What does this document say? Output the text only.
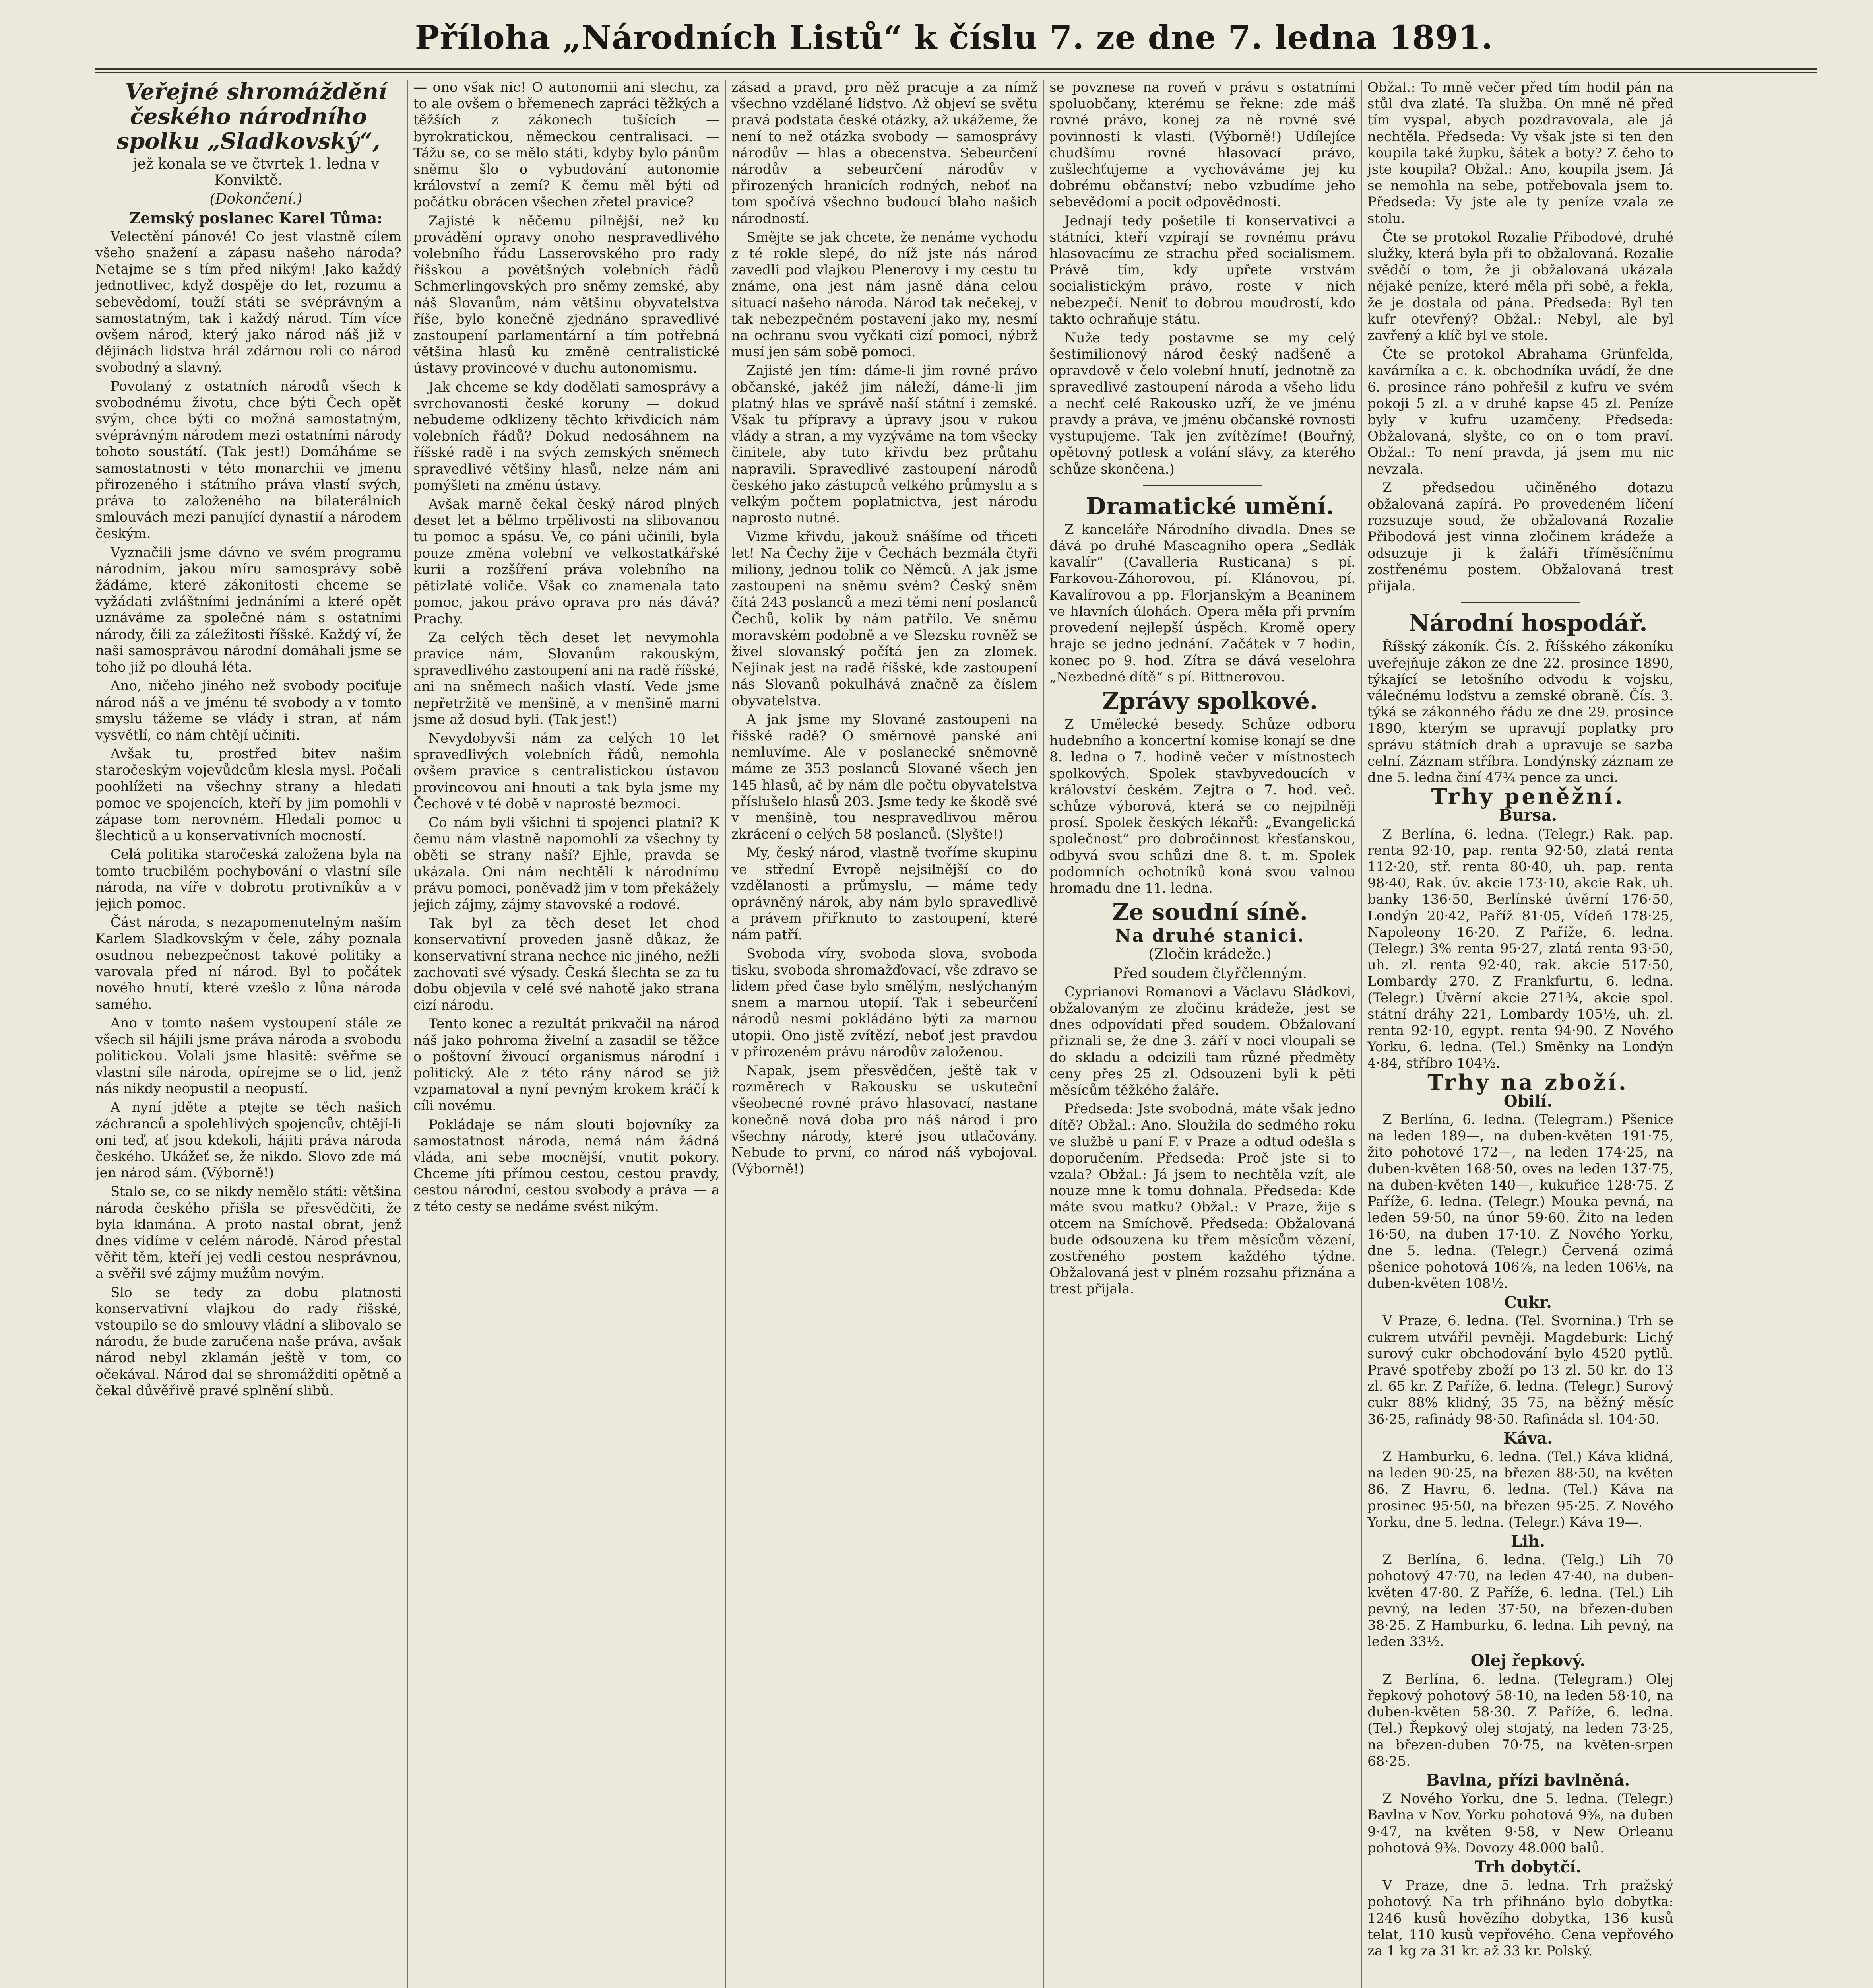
Příloha „Národních Listů“ k číslu 7. ze dne 7. ledna 1891.

Veřejné shromáždění českého národního spolku „Sladkovský“,

jež konala se ve čtvrtek 1. ledna v Konviktě.

(Dokončení.)

Zemský poslanec Karel Tůma:

Velectění pánové! Co jest vlastně cílem všeho snažení a zápasu našeho národa? Netajme se s tím před nikým! Jako každý jednotlivec, když dospěje do let, rozumu a sebevědomí, touží státi se svéprávným a samostatným, tak i každý národ. Tím více ovšem národ, který jako národ náš již v dějinách lidstva hrál zdárnou roli co národ svobodný a slavný.

Povolaný z ostatních národů všech k svobodnému životu, chce býti Čech opět svým, chce býti co možná samostatným, svéprávným národem mezi ostatními národy tohoto soustátí. (Tak jest!) Domáháme se samostatnosti v této monarchii ve jmenu přirozeného i státního práva vlastí svých, práva to založeného na bilaterálních smlouvách mezi panující dynastií a národem českým.

Vyznačili jsme dávno ve svém programu národním, jakou míru samosprávy sobě žádáme, které zákonitosti chceme se vyžádati zvláštními jednáními a které opět uznáváme za společné nám s ostatními národy, čili za záležitosti říšské. Každý ví, že naši samosprávou národní domáhali jsme se toho již po dlouhá léta.

Ano, ničeho jiného než svobody pociťuje národ náš a ve jménu té svobody a v tomto smyslu tážeme se vlády i stran, ať nám vysvětlí, co nám chtějí učiniti.

Avšak tu, prostřed bitev našim staročeským vojevůdcům klesla mysl. Počali poohlížeti na všechny strany a hledati pomoc ve spojencích, kteří by jim pomohli v zápase tom nerovném. Hledali pomoc u šlechticů a u konservativních mocností.

Celá politika staročeská založena byla na tomto trucbilém pochybování o vlastní síle národa, na víře v dobrotu protivníkův a v jejich pomoc.

Část národa, s nezapomenutelným naším Karlem Sladkovským v čele, záhy poznala osudnou nebezpečnost takové politiky a varovala před ní národ. Byl to počátek nového hnutí, které vzešlo z lůna národa samého.

Ano v tomto našem vystoupení stále ze všech sil hájili jsme práva národa a svobodu politickou. Volali jsme hlasitě: svěřme se vlastní síle národa, opírejme se o lid, jenž nás nikdy neopustil a neopustí.

A nyní jděte a ptejte se těch našich záchranců a spolehlivých spojencův, chtějí-li oni teď, ať jsou kdekoli, hájiti práva národa českého. Ukážeť se, že nikdo. Slovo zde má jen národ sám. (Výborně!)

Stalo se, co se nikdy nemělo státi: většina národa českého přišla se přesvědčiti, že byla klamána. A proto nastal obrat, jenž dnes vidíme v celém národě. Národ přestal věřit těm, kteří jej vedli cestou nesprávnou, a svěřil své zájmy mužům novým.

Slo se tedy za dobu platnosti konservativní vlajkou do rady říšské, vstoupilo se do smlouvy vládní a slibovalo se národu, že bude zaručena naše práva, avšak národ nebyl zklamán ještě v tom, co očekával. Národ dal se shromážditi opětně a čekal důvěřivě pravé splnění slibů.

— ono však nic! O autonomii ani slechu, za to ale ovšem o břemenech zapráci těžkých a těžších z zákonech tušících — byrokratickou, německou centralisaci. — Tážu se, co se mělo státi, kdyby bylo pánům sněmu šlo o vybudování autonomie království a zemí? K čemu měl býti od počátku obrácen všechen zřetel pravice?

Zajisté k něčemu pilnější, než ku provádění opravy onoho nespravedlivého volebního řádu Lasserovského pro rady říšskou a povětšných volebních řádů Schmerlingovských pro sněmy zemské, aby náš Slovanům, nám většinu obyvatelstva říše, bylo konečně zjednáno spravedlivé zastoupení parlamentární a tím potřebná většina hlasů ku změně centralistické ústavy provincové v duchu autonomismu.

Jak chceme se kdy dodělati samosprávy a svrchovanosti české koruny — dokud nebudeme odklizeny těchto křivdicích nám volebních řádů? Dokud nedosáhnem na říšské radě i na svých zemských sněmech spravedlivé většiny hlasů, nelze nám ani pomýšleti na změnu ústavy.

Avšak marně čekal český národ plných deset let a bělmo trpělivosti na slibovanou tu pomoc a spásu. Ve, co páni učinili, byla pouze změna volební ve velkostatkářské kurii a rozšíření práva volebního na pětizlaté voliče. Však co znamenala tato pomoc, jakou právo oprava pro nás dává? Prachy.

Za celých těch deset let nevymohla pravice nám, Slovanům rakouským, spravedlivého zastoupení ani na radě říšské, ani na sněmech našich vlastí. Vede jsme nepřetržitě ve menšině, a v menšině marni jsme až dosud byli. (Tak jest!)

Nevydobyvši nám za celých 10 let spravedlivých volebních řádů, nemohla ovšem pravice s centralistickou ústavou provincovou ani hnouti a tak byla jsme my Čechové v té době v naprosté bezmoci.

Co nám byli všichni ti spojenci platni? K čemu nám vlastně napomohli za všechny ty oběti se strany naší? Ejhle, pravda se ukázala. Oni nám nechtěli k národnímu právu pomoci, poněvadž jim v tom překážely jejich zájmy, zájmy stavovské a rodové.

Tak byl za těch deset let chod konservativní proveden jasně důkaz, že konservativní strana nechce nic jiného, nežli zachovati své výsady. Česká šlechta se za tu dobu objevila v celé své nahotě jako strana cizí národu.

Tento konec a rezultát prikvačil na národ náš jako pohroma živelní a zasadil se těžce o poštovní živoucí organismus národní i politický. Ale z této rány národ se již vzpamatoval a nyní pevným krokem kráčí k cíli novému.

Pokládaje se nám slouti bojovníky za samostatnost národa, nemá nám žádná vláda, ani sebe mocnější, vnutit pokory. Chceme jíti přímou cestou, cestou pravdy, cestou národní, cestou svobody a práva — a z této cesty se nedáme svést nikým.

zásad a pravd, pro něž pracuje a za nímž všechno vzdělané lidstvo. Až objeví se světu pravá podstata české otázky, až ukážeme, že není to než otázka svobody — samosprávy národův — hlas a obecenstva. Sebeurčení národův a sebeurčení národův v přirozených hranicích rodných, neboť na tom spočívá všechno budoucí blaho našich národností.

Smějte se jak chcete, že nenáme vychodu z té rokle slepé, do níž jste nás národ zavedli pod vlajkou Plenerovy i my cestu tu známe, ona jest nám jasně dána celou situací našeho národa. Národ tak nečekej, v tak nebezpečném postavení jako my, nesmí na ochranu svou vyčkati cizí pomoci, nýbrž musí jen sám sobě pomoci.

Zajisté jen tím: dáme-li jim rovné právo občanské, jakéž jim náleží, dáme-li jim platný hlas ve správě naší státní i zemské. Však tu přípravy a úpravy jsou v rukou vlády a stran, a my vyzýváme na tom všecky činitele, aby tuto křivdu bez průtahu napravili. Spravedlivé zastoupení národů českého jako zástupců velkého průmyslu a s velkým počtem poplatnictva, jest národu naprosto nutné.

Vizme křivdu, jakouž snášíme od třiceti let! Na Čechy žije v Čechách bezmála čtyři miliony, jednou tolik co Němců. A jak jsme zastoupeni na sněmu svém? Český sněm čítá 243 poslanců a mezi těmi není poslanců Čechů, kolik by nám patřilo. Ve sněmu moravském podobně a ve Slezsku rovněž se živel slovanský počítá jen za zlomek. Nejinak jest na radě říšské, kde zastoupení nás Slovanů pokulhává značně za číslem obyvatelstva.

A jak jsme my Slované zastoupeni na říšské radě? O směrnové panské ani nemluvíme. Ale v poslanecké sněmovně máme ze 353 poslanců Slované všech jen 145 hlasů, ač by nám dle počtu obyvatelstva příslušelo hlasů 203. Jsme tedy ke škodě své v menšině, tou nespravedlivou měrou zkrácení o celých 58 poslanců. (Slyšte!)

My, český národ, vlastně tvoříme skupinu ve střední Evropě nejsilnější co do vzdělanosti a průmyslu, — máme tedy oprávněný nárok, aby nám bylo spravedlivě a právem přiřknuto to zastoupení, které nám patří.

Svoboda víry, svoboda slova, svoboda tisku, svoboda shromažďovací, vše zdravo se lidem před čase bylo smělým, neslýchaným snem a marnou utopií. Tak i sebeurčení národů nesmí pokládáno býti za marnou utopii. Ono jistě zvítězí, neboť jest pravdou v přirozeném právu národův založenou.

Napak, jsem přesvědčen, ještě tak v rozměrech v Rakousku se uskuteční všeobecné rovné právo hlasovací, nastane konečně nová doba pro náš národ i pro všechny národy, které jsou utlačovány. Nebude to první, co národ náš vybojoval. (Výborně!)

se povznese na roveň v právu s ostatními spoluobčany, kterému se řekne: zde máš rovné právo, konej za ně rovné své povinnosti k vlasti. (Výborně!) Udílejíce chudšímu rovné hlasovací právo, zušlechťujeme a vychováváme jej ku dobrému občanství; nebo vzbudíme jeho sebevědomí a pocit odpovědnosti.

Jednají tedy pošetile ti konservativci a státníci, kteří vzpírají se rovnému právu hlasovacímu ze strachu před socialismem. Právě tím, kdy upřete vrstvám socialistickým právo, roste v nich nebezpečí. Neníť to dobrou moudrostí, kdo takto ochraňuje státu.

Nuže tedy postavme se my celý šestimilionový národ český nadšeně a opravdově v čelo volební hnutí, jednotně za spravedlivé zastoupení národa a všeho lidu a nechť celé Rakousko uzří, že ve jménu pravdy a práva, ve jménu občanské rovnosti vystupujeme. Tak jen zvítězíme! (Bouřný, opětovný potlesk a volání slávy, za kterého schůze skončena.)

Dramatické umění.

Z kanceláře Národního divadla. Dnes se dává po druhé Mascagniho opera „Sedlák kavalír“ (Cavalleria Rusticana) s pí. Farkovou-Záhorovou, pí. Klánovou, pí. Kavalírovou a pp. Florjanským a Beaninem ve hlavních úlohách. Opera měla při prvním provedení nejlepší úspěch. Kromě opery hraje se jedno jednání. Začátek v 7 hodin, konec po 9. hod. Zítra se dává veselohra „Nezbedné dítě“ s pí. Bittnerovou.

Zprávy spolkové.

Z Umělecké besedy. Schůze odboru hudebního a koncertní komise konají se dne 8. ledna o 7. hodině večer v místnostech spolkových. Spolek stavbyvedoucích v království českém. Zejtra o 7. hod. več. schůze výborová, která se co nejpilněji prosí. Spolek českých lékařů: „Evangelická společnost“ pro dobročinnost křesťanskou, odbyvá svou schůzi dne 8. t. m. Spolek podomních ochotníků koná svou valnou hromadu dne 11. ledna.

Ze soudní síně.

Na druhé stanici.

(Zločin krádeže.)

Před soudem čtyřčlenným.

Cyprianovi Romanovi a Václavu Sládkovi, obžalovaným ze zločinu krádeže, jest se dnes odpovídati před soudem. Obžalovaní přiznali se, že dne 3. září v noci vloupali se do skladu a odcizili tam různé předměty ceny přes 25 zl. Odsouzeni byli k pěti měsícům těžkého žaláře.

Předseda: Jste svobodná, máte však jedno dítě? Obžal.: Ano. Sloužila do sedmého roku ve službě u paní F. v Praze a odtud odešla s doporučením. Předseda: Proč jste si to vzala? Obžal.: Já jsem to nechtěla vzít, ale nouze mne k tomu dohnala. Předseda: Kde máte svou matku? Obžal.: V Praze, žije s otcem na Smíchově. Předseda: Obžalovaná bude odsouzena ku třem měsícům vězení, zostřeného postem každého týdne. Obžalovaná jest v plném rozsahu přiznána a trest přijala.

Obžal.: To mně večer před tím hodil pán na stůl dva zlaté. Ta služba. On mně ně před tím vyspal, abych pozdravovala, ale já nechtěla. Předseda: Vy však jste si ten den koupila také župku, šátek a boty? Z čeho to jste koupila? Obžal.: Ano, koupila jsem. Já se nemohla na sebe, potřebovala jsem to. Předseda: Vy jste ale ty peníze vzala ze stolu.

Čte se protokol Rozalie Přibodové, druhé služky, která byla při to obžalovaná. Rozalie svědčí o tom, že ji obžalovaná ukázala nějaké peníze, které měla při sobě, a řekla, že je dostala od pána. Předseda: Byl ten kufr otevřený? Obžal.: Nebyl, ale byl zavřený a klíč byl ve stole.

Čte se protokol Abrahama Grünfelda, kavárníka a c. k. obchodníka uvádí, že dne 6. prosince ráno pohřešil z kufru ve svém pokoji 5 zl. a v druhé kapse 45 zl. Peníze byly v kufru uzamčeny. Předseda: Obžalovaná, slyšte, co on o tom praví. Obžal.: To není pravda, já jsem mu nic nevzala.

Z předsedou učiněného dotazu obžalovaná zapírá. Po provedeném líčení rozsuzuje soud, že obžalovaná Rozalie Přibodová jest vinna zločinem krádeže a odsuzuje ji k žaláři tříměsíčnímu zostřenému postem. Obžalovaná trest přijala.

Národní hospodář.

Říšský zákoník. Čís. 2. Říšského zákoníku uveřejňuje zákon ze dne 22. prosince 1890, týkající se letošního odvodu k vojsku, válečnému loďstvu a zemské obraně. Čís. 3. týká se zákonného řádu ze dne 29. prosince 1890, kterým se upravují poplatky pro správu státních drah a upravuje se sazba celní. Záznam stříbra. Londýnský záznam ze dne 5. ledna činí 47¾ pence za unci.

Trhy peněžní.

Bursa.

Z Berlína, 6. ledna. (Telegr.) Rak. pap. renta 92·10, pap. renta 92·50, zlatá renta 112·20, stř. renta 80·40, uh. pap. renta 98·40, Rak. úv. akcie 173·10, akcie Rak. uh. banky 136·50, Berlínské úvěrní 176·50, Londýn 20·42, Paříž 81·05, Vídeň 178·25, Napoleony 16·20. Z Paříže, 6. ledna. (Telegr.) 3% renta 95·27, zlatá renta 93·50, uh. zl. renta 92·40, rak. akcie 517·50, Lombardy 270. Z Frankfurtu, 6. ledna. (Telegr.) Úvěrní akcie 271¾, akcie spol. státní dráhy 221, Lombardy 105½, uh. zl. renta 92·10, egypt. renta 94·90. Z Nového Yorku, 6. ledna. (Tel.) Směnky na Londýn 4·84, stříbro 104½.

Trhy na zboží.

Obilí.

Z Berlína, 6. ledna. (Telegram.) Pšenice na leden 189—, na duben-květen 191·75, žito pohotové 172—, na leden 174·25, na duben-květen 168·50, oves na leden 137·75, na duben-květen 140—, kukuřice 128·75. Z Paříže, 6. ledna. (Telegr.) Mouka pevná, na leden 59·50, na únor 59·60. Žito na leden 16·50, na duben 17·10. Z Nového Yorku, dne 5. ledna. (Telegr.) Červená ozimá pšenice pohotová 106⅞, na leden 106⅛, na duben-květen 108½.

Cukr.

V Praze, 6. ledna. (Tel. Svornina.) Trh se cukrem utvářil pevněji. Magdeburk: Lichý surový cukr obchodování bylo 4520 pytlů. Pravé spotřeby zboží po 13 zl. 50 kr. do 13 zl. 65 kr. Z Paříže, 6. ledna. (Telegr.) Surový cukr 88% klidný, 35 75, na běžný měsíc 36·25, rafinády 98·50. Rafináda sl. 104·50.

Káva.

Z Hamburku, 6. ledna. (Tel.) Káva klidná, na leden 90·25, na březen 88·50, na květen 86. Z Havru, 6. ledna. (Tel.) Káva na prosinec 95·50, na březen 95·25. Z Nového Yorku, dne 5. ledna. (Telegr.) Káva 19—.

Lih.

Z Berlína, 6. ledna. (Telg.) Lih 70 pohotový 47·70, na leden 47·40, na duben-květen 47·80. Z Paříže, 6. ledna. (Tel.) Lih pevný, na leden 37·50, na březen-duben 38·25. Z Hamburku, 6. ledna. Lih pevný, na leden 33½.

Olej řepkový.

Z Berlína, 6. ledna. (Telegram.) Olej řepkový pohotový 58·10, na leden 58·10, na duben-květen 58·30. Z Paříže, 6. ledna. (Tel.) Řepkový olej stojatý, na leden 73·25, na březen-duben 70·75, na květen-srpen 68·25.

Bavlna, přízi bavlněná.

Z Nového Yorku, dne 5. ledna. (Telegr.) Bavlna v Nov. Yorku pohotová 9⅝, na duben 9·47, na květen 9·58, v New Orleanu pohotová 9⅜. Dovozy 48.000 balů.

Trh dobytčí.

V Praze, dne 5. ledna. Trh pražský pohotový. Na trh přihnáno bylo dobytka: 1246 kusů hovězího dobytka, 136 kusů telat, 110 kusů vepřového. Cena vepřového za 1 kg za 31 kr. až 33 kr. Polský.
